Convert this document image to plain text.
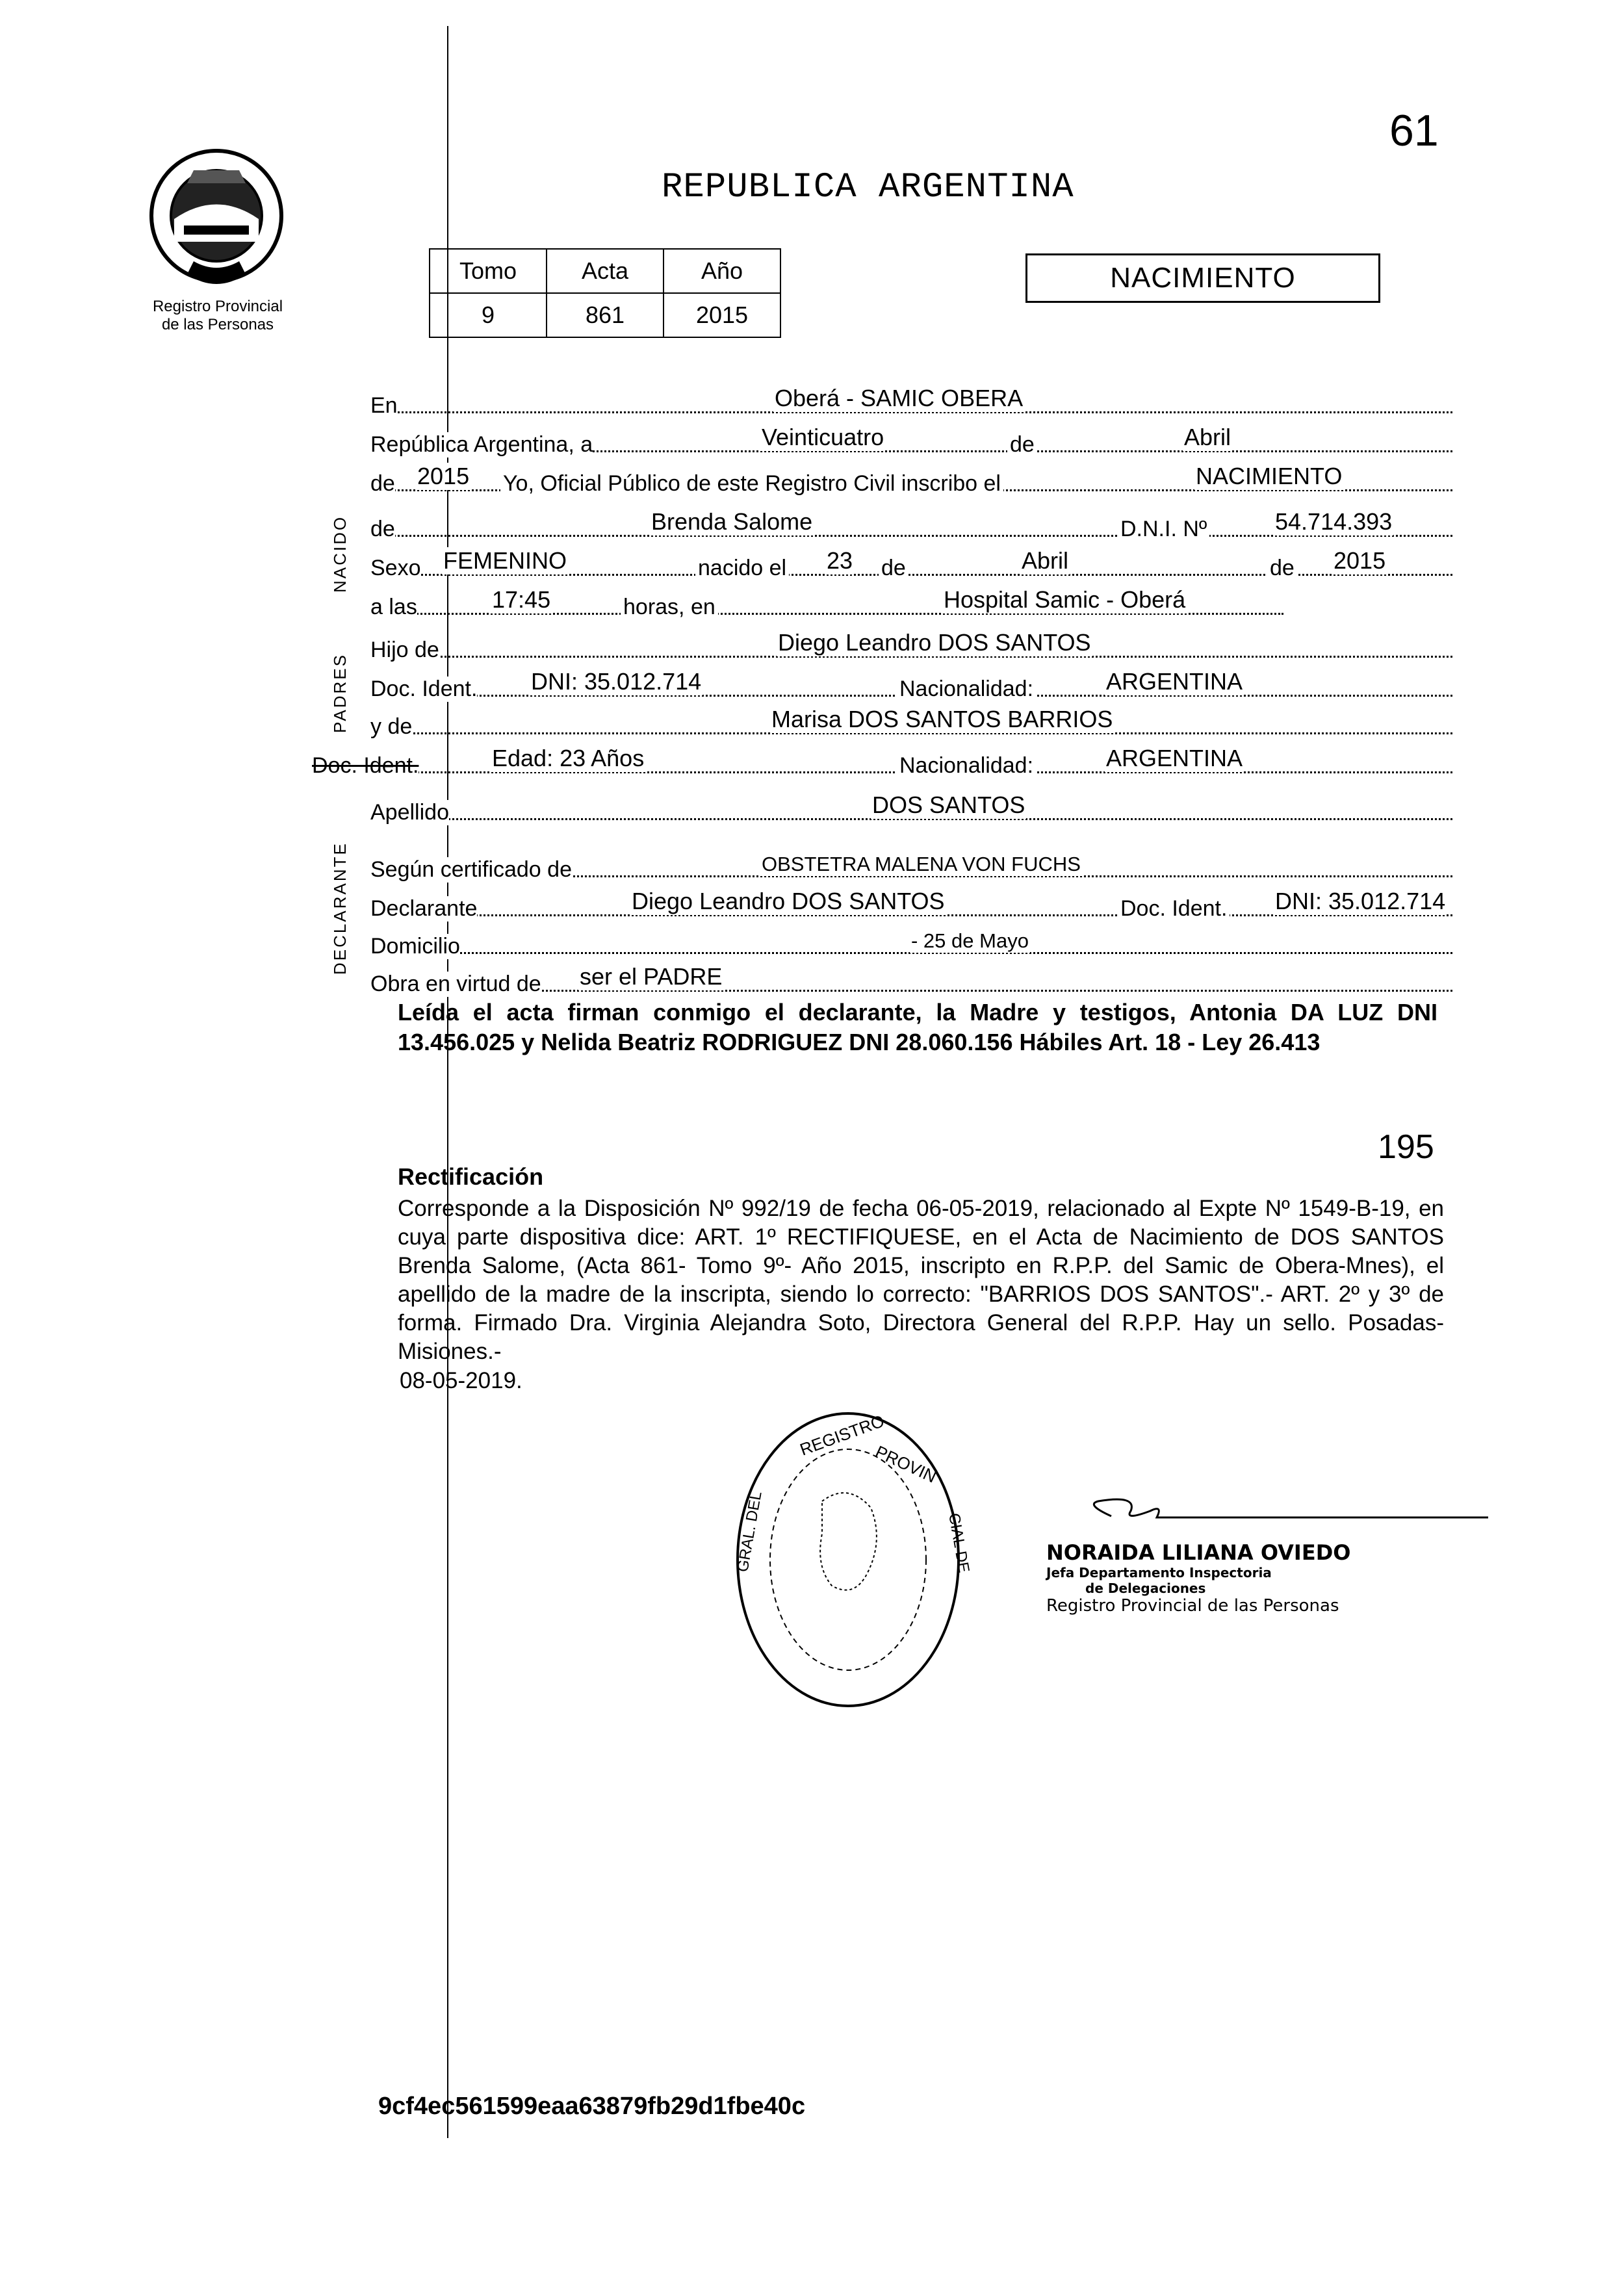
Registro Provincial
de las Personas
61
REPUBLICA ARGENTINA
Tomo	Acta	Año
9	861	2015
NACIMIENTO
NACIDO
PADRES
DECLARANTE
En	Oberá - SAMIC OBERA
República Argentina, a	Veinticuatro	de	Abril
de 2015 Yo, Oficial Público de este Registro Civil inscribo el	NACIMIENTO
de	Brenda Salome	D.N.I. Nº	54.714.393
Sexo FEMENINO	nacido el 23 de	Abril	de 2015
a las	17:45	horas, en	Hospital Samic - Oberá
Hijo de	Diego Leandro DOS SANTOS
Doc. Ident. DNI: 35.012.714	Nacionalidad:	ARGENTINA
y de	Marisa DOS SANTOS BARRIOS
Doc. Ident.	Edad: 23 Años	Nacionalidad:	ARGENTINA
Apellido	DOS SANTOS
Según certificado de	OBSTETRA MALENA VON FUCHS
Declarante	Diego Leandro DOS SANTOS	Doc. Ident. DNI: 35.012.714
Domicilio	- 25 de Mayo
Obra en virtud de ser el PADRE
Leída el acta firman conmigo el declarante, la Madre y testigos, Antonia DA LUZ DNI 13.456.025 y Nelida Beatriz RODRIGUEZ DNI 28.060.156 Hábiles Art. 18 - Ley 26.413
195
Rectificación
Corresponde a la Disposición Nº 992/19 de fecha 06-05-2019, relacionado al Expte Nº 1549-B-19, en cuya parte dispositiva dice: ART. 1º RECTIFIQUESE, en el Acta de Nacimiento de DOS SANTOS Brenda Salome, (Acta 861- Tomo 9º- Año 2015, inscripto en R.P.P. del Samic de Obera-Mnes), el apellido de la madre de la inscripta, siendo lo correcto: "BARRIOS DOS SANTOS".- ART. 2º y 3º de forma. Firmado Dra. Virginia Alejandra Soto, Directora General del R.P.P. Hay un sello. Posadas- Misiones.-
08-05-2019.
REGISTRO
PROVIN
GRAL. DEL	CIAL DE	NORAIDA LILIANA OVIEDO
Jefa Departamento Inspectoria
de Delegaciones
Registro Provincial de las Personas
9cf4ec561599eaa63879fb29d1fbe40c
